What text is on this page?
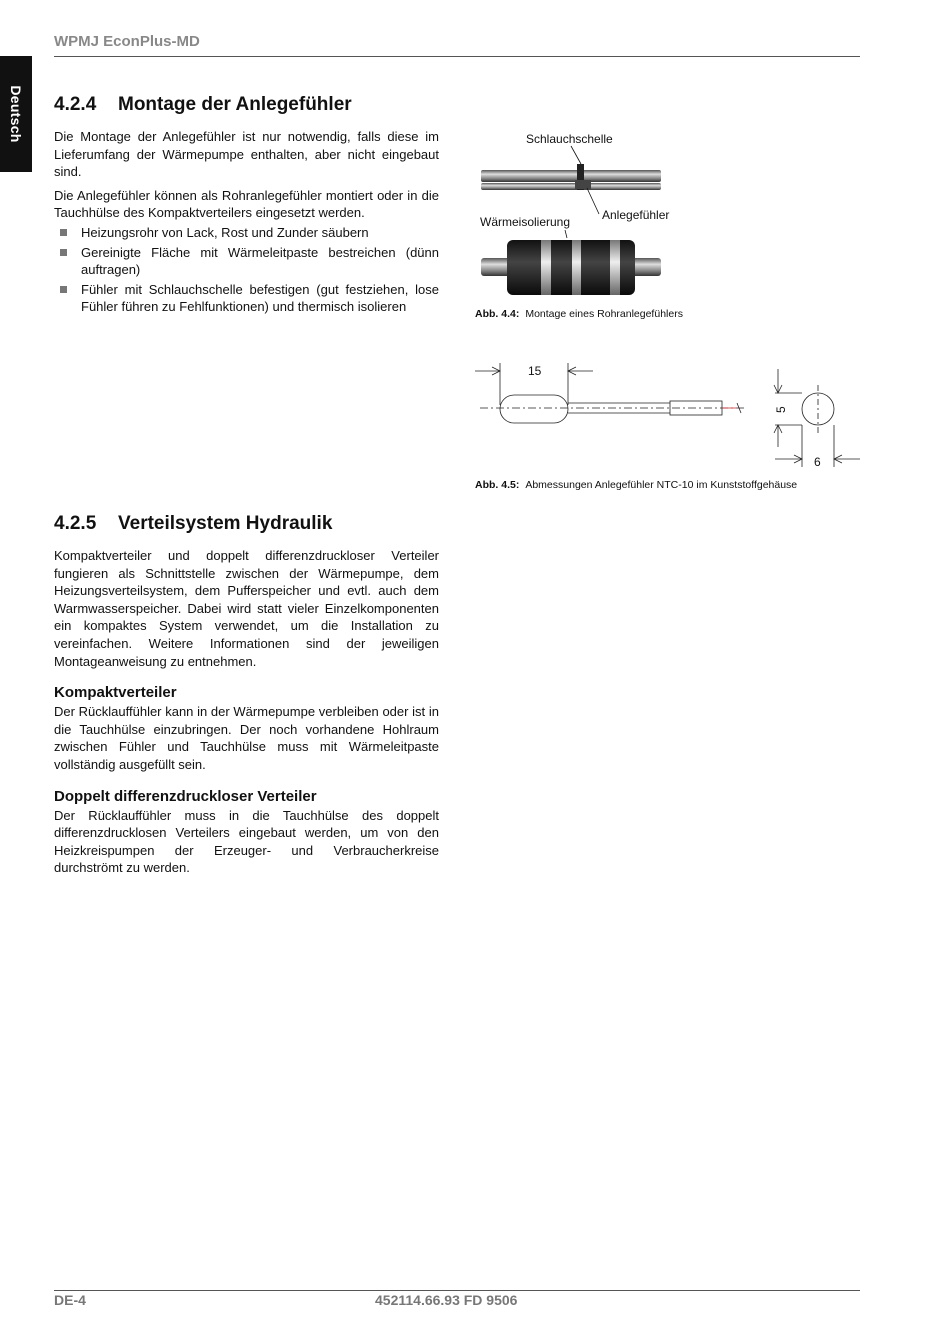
WPMJ EconPlus-MD
Deutsch 4.2.4 Montage der Anlegefühler

Die Montage der Anlegefühler ist nur notwendig, falls diese im Lieferumfang der Wärmepumpe enthalten, aber nicht eingebaut sind.

Die Anlegefühler können als Rohranlegefühler montiert oder in die Tauchhülse des Kompaktverteilers eingesetzt werden.

Heizungsrohr von Lack, Rost und Zunder säubern
Gereinigte Fläche mit Wärmeleitpaste bestreichen (dünn auftragen)
Fühler mit Schlauchschelle befestigen (gut festziehen, lose Fühler führen zu Fehlfunktionen) und thermisch isolieren
Schlauchschelle
Anlegefühler
Wärmeisolierung
Abb. 4.4: Montage eines Rohranlegefühlers
15
5
6
Abb. 4.5: Abmessungen Anlegefühler NTC-10 im Kunststoffgehäuse
4.2.5 Verteilsystem Hydraulik

Kompaktverteiler und doppelt differenzdruckloser Verteiler fungieren als Schnittstelle zwischen der Wärmepumpe, dem Heizungsverteilsystem, dem Pufferspeicher und evtl. auch dem Warmwasserspeicher. Dabei wird statt vieler Einzelkomponenten ein kompaktes System verwendet, um die Installation zu vereinfachen. Weitere Informationen sind der jeweiligen Montageanweisung zu entnehmen.

Kompaktverteiler

Der Rücklauffühler kann in der Wärmepumpe verbleiben oder ist in die Tauchhülse einzubringen. Der noch vorhandene Hohlraum zwischen Fühler und Tauchhülse muss mit Wärmeleitpaste vollständig ausgefüllt sein.

Doppelt differenzdruckloser Verteiler

Der Rücklauffühler muss in die Tauchhülse des doppelt differenzdrucklosen Verteilers eingebaut werden, um von den Heizkreispumpen der Erzeuger- und Verbraucherkreise durchströmt zu werden.

DE-4	452114.66.93 FD 9506
